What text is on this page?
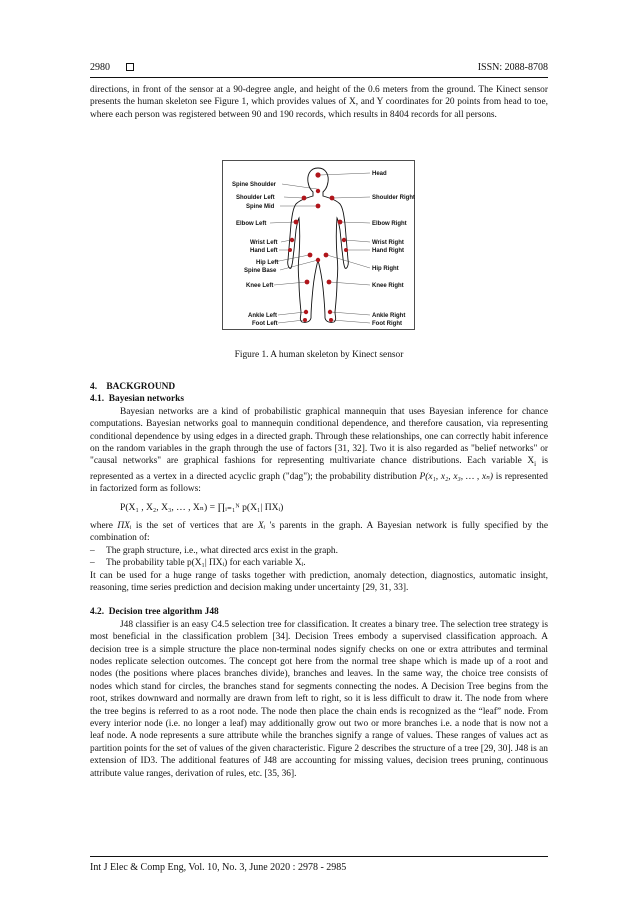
2980	ISSN: 2088-8708

directions, in front of the sensor at a 90-degree angle, and height of the 0.6 meters from the ground. The Kinect sensor presents the human skeleton see Figure 1, which provides values of X, and Y coordinates for 20 points from head to toe, where each person was registered between 90 and 190 records, which results in 8404 records for all persons.

Spine Shoulder
Shoulder Left
Spine Mid
Elbow Left
Wrist Left
Hand Left
Hip Left
Spine Base
Knee Left
Ankle Left
Foot Left
Head
Shoulder Right
Elbow Right
Wrist Right
Hand Right
Hip Right
Knee Right
Ankle Right
Foot Right
Figure 1. A human skeleton by Kinect sensor

4.    BACKGROUND

4.1.  Bayesian networks

Bayesian networks are a kind of probabilistic graphical mannequin that uses Bayesian inference for chance computations. Bayesian networks goal to mannequin conditional dependence, and therefore causation, via representing conditional dependence by using edges in a directed graph. Through these relationships, one can correctly habit inference on the random variables in the graph through the use of factors [31, 32]. Two it is also regarded as "belief networks" or "causal networks" are graphical fashions for representing multivariate chance distributions. Each variable $X_i$ is represented as a vertex in a directed acyclic graph ("dag"); the probability distribution P(x₁, x₂, x₃, … , xₙ) is represented in factorized form as follows:

P(X₁ , X₂, X₃, … , Xₙ) = ∏ᵢ₌₁ᴺ p(X₁| ΠXᵢ)

where ΠXᵢ is the set of vertices that are Xᵢ 's parents in the graph. A Bayesian network is fully specified by the combination of:

–	The graph structure, i.e., what directed arcs exist in the graph.
–	The probability table p(X₁| ΠXᵢ) for each variable Xᵢ.

It can be used for a huge range of tasks together with prediction, anomaly detection, diagnostics, automatic insight, reasoning, time series prediction and decision making under uncertainty [29, 31, 33].

4.2.  Decision tree algorithm J48

J48 classifier is an easy C4.5 selection tree for classification. It creates a binary tree. The selection tree strategy is most beneficial in the classification problem [34]. Decision Trees embody a supervised classification approach. A decision tree is a simple structure the place non-terminal nodes signify checks on one or extra attributes and terminal nodes replicate selection outcomes. The concept got here from the normal tree shape which is made up of a root and nodes (the positions where places branches divide), branches and leaves. In the same way, the choice tree consists of nodes which stand for circles, the branches stand for segments connecting the nodes. A Decision Tree begins from the root, strikes downward and normally are drawn from left to right, so it is less difficult to draw it. The node from where the tree begins is referred to as a root node. The node then place the chain ends is recognized as the “leaf” node. From every interior node (i.e. no longer a leaf) may additionally grow out two or more branches i.e. a node that is now not a leaf node. A node represents a sure attribute while the branches signify a range of values. These ranges of values act as partition points for the set of values of the given characteristic. Figure 2 describes the structure of a tree [29, 30]. J48 is an extension of ID3. The additional features of J48 are accounting for missing values, decision trees pruning, continuous attribute value ranges, derivation of rules, etc. [35, 36].

Int J Elec & Comp Eng, Vol. 10, No. 3, June 2020 : 2978 - 2985
